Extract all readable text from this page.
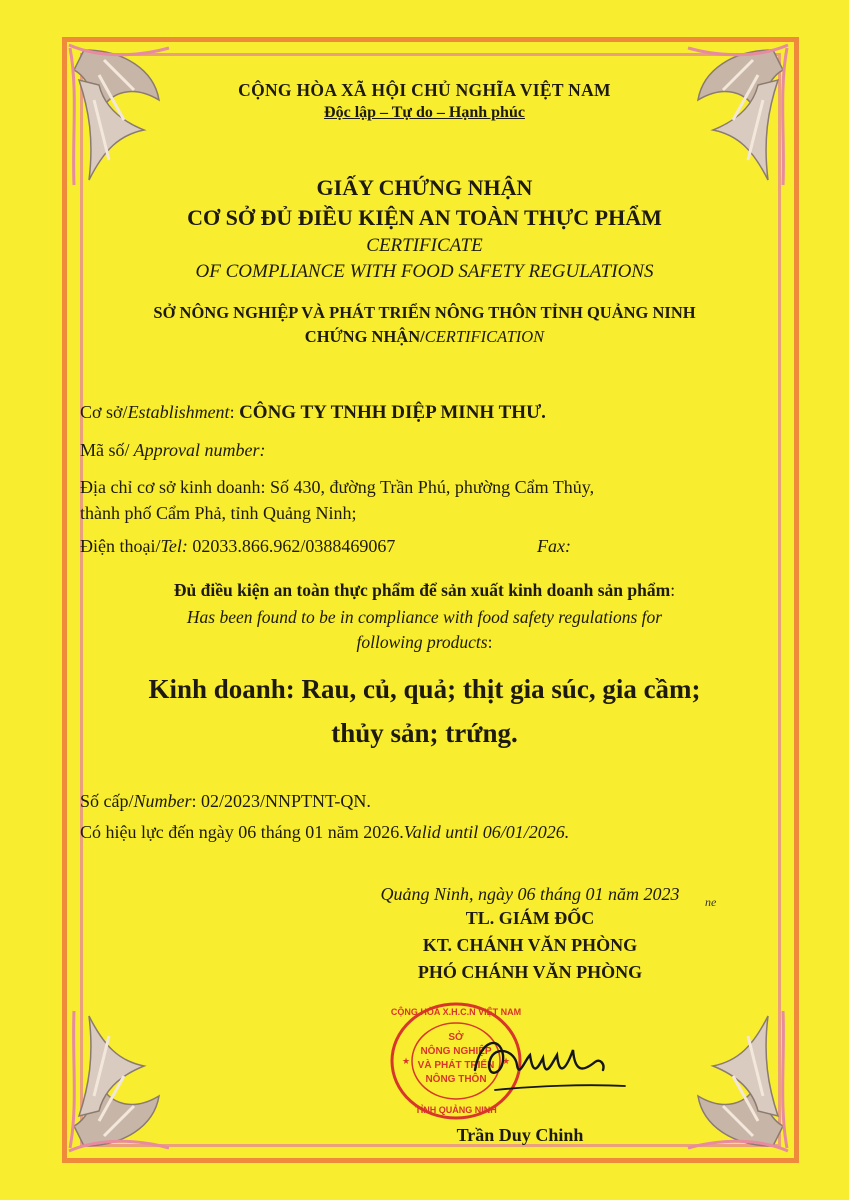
CỘNG HÒA XÃ HỘI CHỦ NGHĨA VIỆT NAM
Độc lập – Tự do – Hạnh phúc
GIẤY CHỨNG NHẬN
CƠ SỞ ĐỦ ĐIỀU KIỆN AN TOÀN THỰC PHẨM
CERTIFICATE
OF COMPLIANCE WITH FOOD SAFETY REGULATIONS
SỞ NÔNG NGHIỆP VÀ PHÁT TRIỂN NÔNG THÔN TỈNH QUẢNG NINH
CHỨNG NHẬN/CERTIFICATION
Cơ sở/Establishment: CÔNG TY TNHH DIỆP MINH THƯ.
Mã số/ Approval number:
Địa chỉ cơ sở kinh doanh: Số 430, đường Trần Phú, phường Cẩm Thủy,
thành phố Cẩm Phả, tỉnh Quảng Ninh;
Điện thoại/Tel: 02033.866.962/0388469067	Fax:
Đủ điều kiện an toàn thực phẩm để sản xuất kinh doanh sản phẩm:
Has been found to be in compliance with food safety regulations for
following products:
Kinh doanh: Rau, củ, quả; thịt gia súc, gia cầm;
thủy sản; trứng.
Số cấp/Number: 02/2023/NNPTNT-QN.
Có hiệu lực đến ngày 06 tháng 01 năm 2026.Valid until 06/01/2026.
Quảng Ninh, ngày 06 tháng 01 năm 2023	ne
TL. GIÁM ĐỐC
KT. CHÁNH VĂN PHÒNG
PHÓ CHÁNH VĂN PHÒNG
SỞ
NÔNG NGHIỆP
VÀ PHÁT TRIỂN
NÔNG THÔN
CỘNG HÒA X.H.C.N VIỆT NAM
TỈNH QUẢNG NINH
★	★
Trần Duy Chinh
